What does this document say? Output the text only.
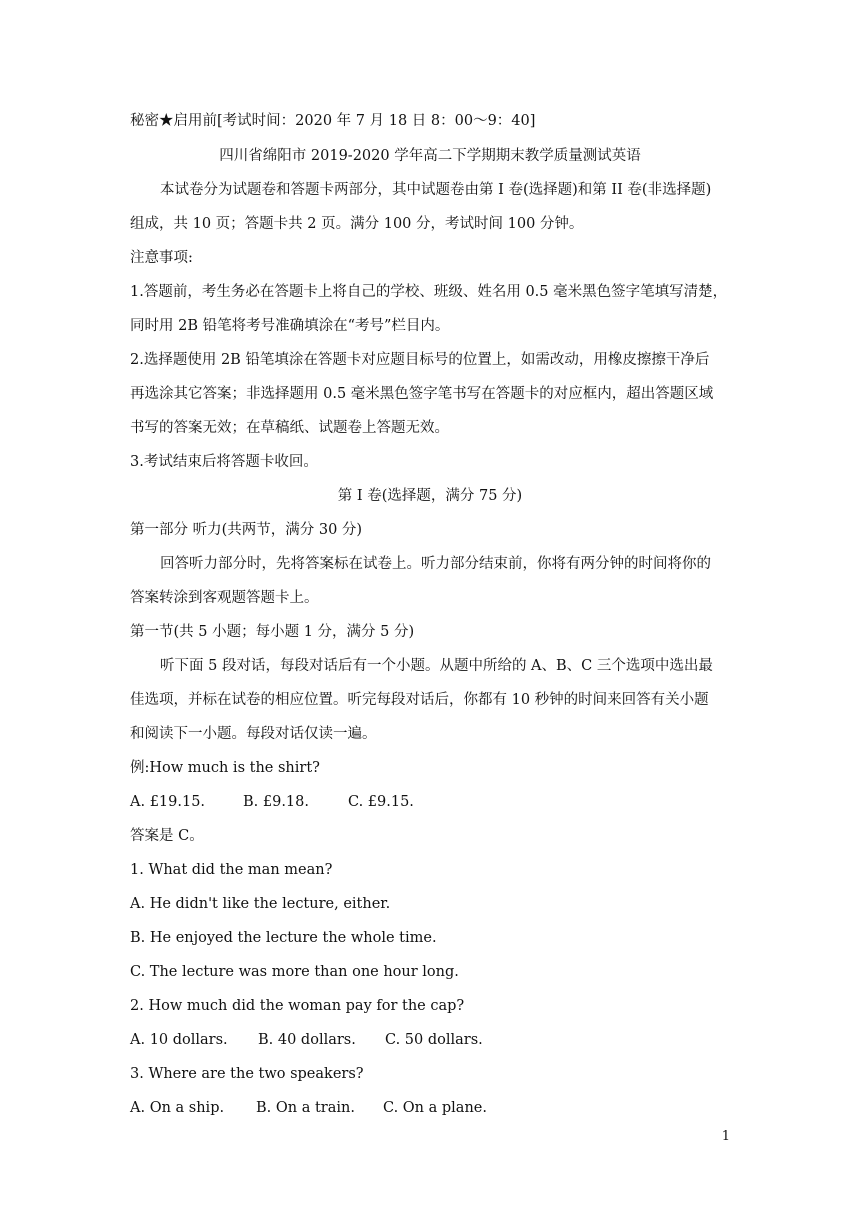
秘密★启用前[考试时间：2020 年 7 月 18 日 8：00～9：40]
四川省绵阳市 2019-2020 学年高二下学期期末教学质量测试英语
本试卷分为试题卷和答题卡两部分，其中试题卷由第 I 卷(选择题)和第 II 卷(非选择题)
组成，共 10 页；答题卡共 2 页。满分 100 分，考试时间 100 分钟。
注意事项:
1.答题前，考生务必在答题卡上将自己的学校、班级、姓名用 0.5 毫米黑色签字笔填写清楚，
同时用 2B 铅笔将考号准确填涂在“考号”栏目内。
2.选择题使用 2B 铅笔填涂在答题卡对应题目标号的位置上，如需改动，用橡皮擦擦干净后
再选涂其它答案；非选择题用 0.5 毫米黑色签字笔书写在答题卡的对应框内，超出答题区域
书写的答案无效；在草稿纸、试题卷上答题无效。
3.考试结束后将答题卡收回。
第 I 卷(选择题，满分 75 分)
第一部分 听力(共两节，满分 30 分)
回答听力部分时，先将答案标在试卷上。听力部分结束前，你将有两分钟的时间将你的
答案转涂到客观题答题卡上。
第一节(共 5 小题；每小题 1 分，满分 5 分)
听下面 5 段对话，每段对话后有一个小题。从题中所给的 A、B、C 三个选项中选出最
佳选项，并标在试卷的相应位置。听完每段对话后，你都有 10 秒钟的时间来回答有关小题
和阅读下一小题。每段对话仅读一遍。
例:How much is the shirt?
A. £19.15.	B. £9.18.	C. £9.15.
答案是 C。
1. What did the man mean?
A. He didn't like the lecture, either.
B. He enjoyed the lecture the whole time.
C. The lecture was more than one hour long.
2. How much did the woman pay for the cap?
A. 10 dollars. B. 40 dollars. C. 50 dollars.
3. Where are the two speakers?
A. On a ship. B. On a train. C. On a plane.
1
